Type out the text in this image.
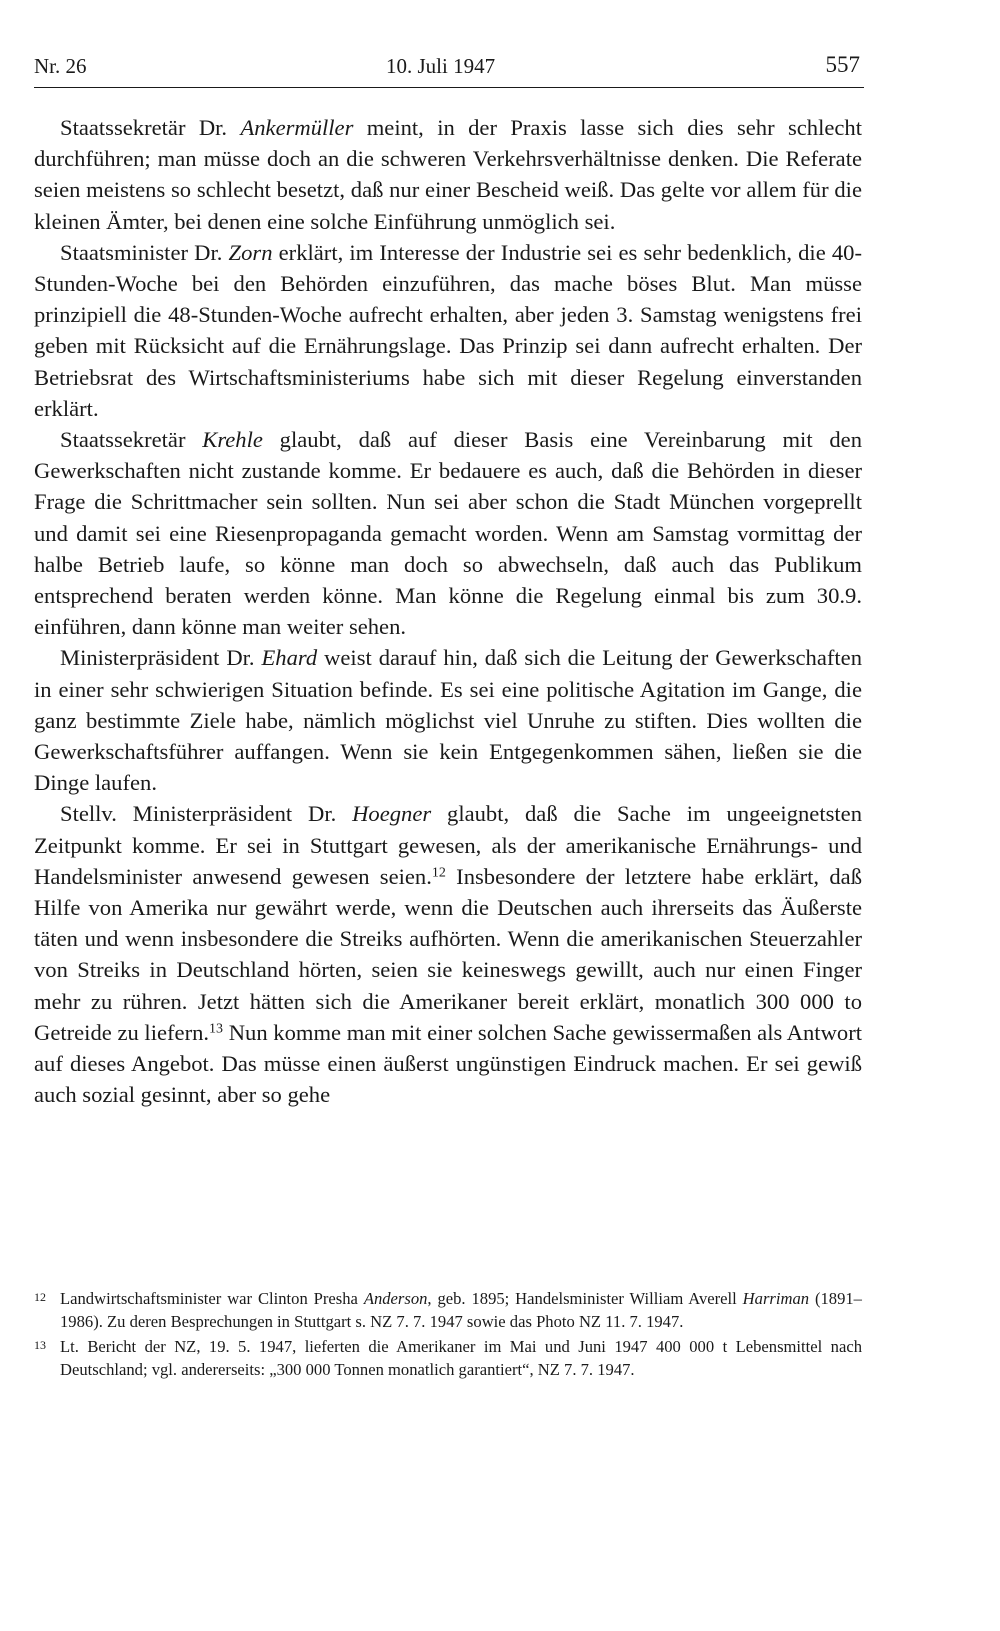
Nr. 26	10. Juli 1947	557

Staatssekretär Dr. Ankermüller meint, in der Praxis lasse sich dies sehr schlecht durchführen; man müsse doch an die schweren Verkehrsverhältnisse denken. Die Referate seien meistens so schlecht besetzt, daß nur einer Bescheid weiß. Das gelte vor allem für die kleinen Ämter, bei denen eine solche Einführung unmöglich sei.

Staatsminister Dr. Zorn erklärt, im Interesse der Industrie sei es sehr bedenklich, die 40-Stunden-Woche bei den Behörden einzuführen, das mache böses Blut. Man müsse prinzipiell die 48-Stunden-Woche aufrecht erhalten, aber jeden 3. Samstag wenigstens frei geben mit Rücksicht auf die Ernährungslage. Das Prinzip sei dann aufrecht erhalten. Der Betriebsrat des Wirtschaftsministeriums habe sich mit dieser Regelung einverstanden erklärt.

Staatssekretär Krehle glaubt, daß auf dieser Basis eine Vereinbarung mit den Gewerkschaften nicht zustande komme. Er bedauere es auch, daß die Behörden in dieser Frage die Schrittmacher sein sollten. Nun sei aber schon die Stadt München vorgeprellt und damit sei eine Riesenpropaganda gemacht worden. Wenn am Samstag vormittag der halbe Betrieb laufe, so könne man doch so abwechseln, daß auch das Publikum entsprechend beraten werden könne. Man könne die Regelung einmal bis zum 30.9. einführen, dann könne man weiter sehen.

Ministerpräsident Dr. Ehard weist darauf hin, daß sich die Leitung der Gewerkschaften in einer sehr schwierigen Situation befinde. Es sei eine politische Agitation im Gange, die ganz bestimmte Ziele habe, nämlich möglichst viel Unruhe zu stiften. Dies wollten die Gewerkschaftsführer auffangen. Wenn sie kein Entgegenkommen sähen, ließen sie die Dinge laufen.

Stellv. Ministerpräsident Dr. Hoegner glaubt, daß die Sache im ungeeignetsten Zeitpunkt komme. Er sei in Stuttgart gewesen, als der amerikanische Ernährungs- und Handelsminister anwesend gewesen seien.$^{12}$ Insbesondere der letztere habe erklärt, daß Hilfe von Amerika nur gewährt werde, wenn die Deutschen auch ihrerseits das Äußerste täten und wenn insbesondere die Streiks aufhörten. Wenn die amerikanischen Steuerzahler von Streiks in Deutschland hörten, seien sie keineswegs gewillt, auch nur einen Finger mehr zu rühren. Jetzt hätten sich die Amerikaner bereit erklärt, monatlich 300 000 to Getreide zu liefern.$^{13}$ Nun komme man mit einer solchen Sache gewissermaßen als Antwort auf dieses Angebot. Das müsse einen äußerst ungünstigen Eindruck machen. Er sei gewiß auch sozial gesinnt, aber so gehe

12 Landwirtschaftsminister war Clinton Presha Anderson, geb. 1895; Handelsminister William Averell Harriman (1891–1986). Zu deren Besprechungen in Stuttgart s. NZ 7. 7. 1947 sowie das Photo NZ 11. 7. 1947.

13 Lt. Bericht der NZ, 19. 5. 1947, lieferten die Amerikaner im Mai und Juni 1947 400 000 t Lebensmittel nach Deutschland; vgl. andererseits: „300 000 Tonnen monatlich garantiert“, NZ 7. 7. 1947.
